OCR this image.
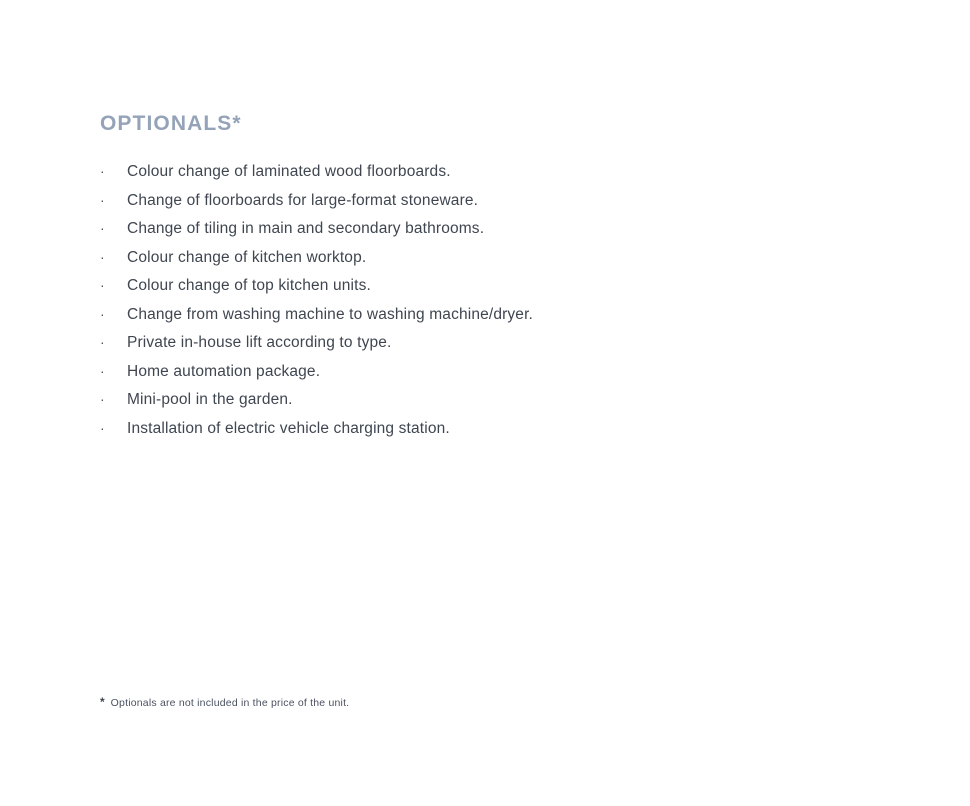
OPTIONALS*
·	Colour change of laminated wood floorboards.
·	Change of floorboards for large-format stoneware.
·	Change of tiling in main and secondary bathrooms.
·	Colour change of kitchen worktop.
·	Colour change of top kitchen units.
·	Change from washing machine to washing machine/dryer.
·	Private in-house lift according to type.
·	Home automation package.
·	Mini-pool in the garden.
·	Installation of electric vehicle charging station.
* Optionals are not included in the price of the unit.
